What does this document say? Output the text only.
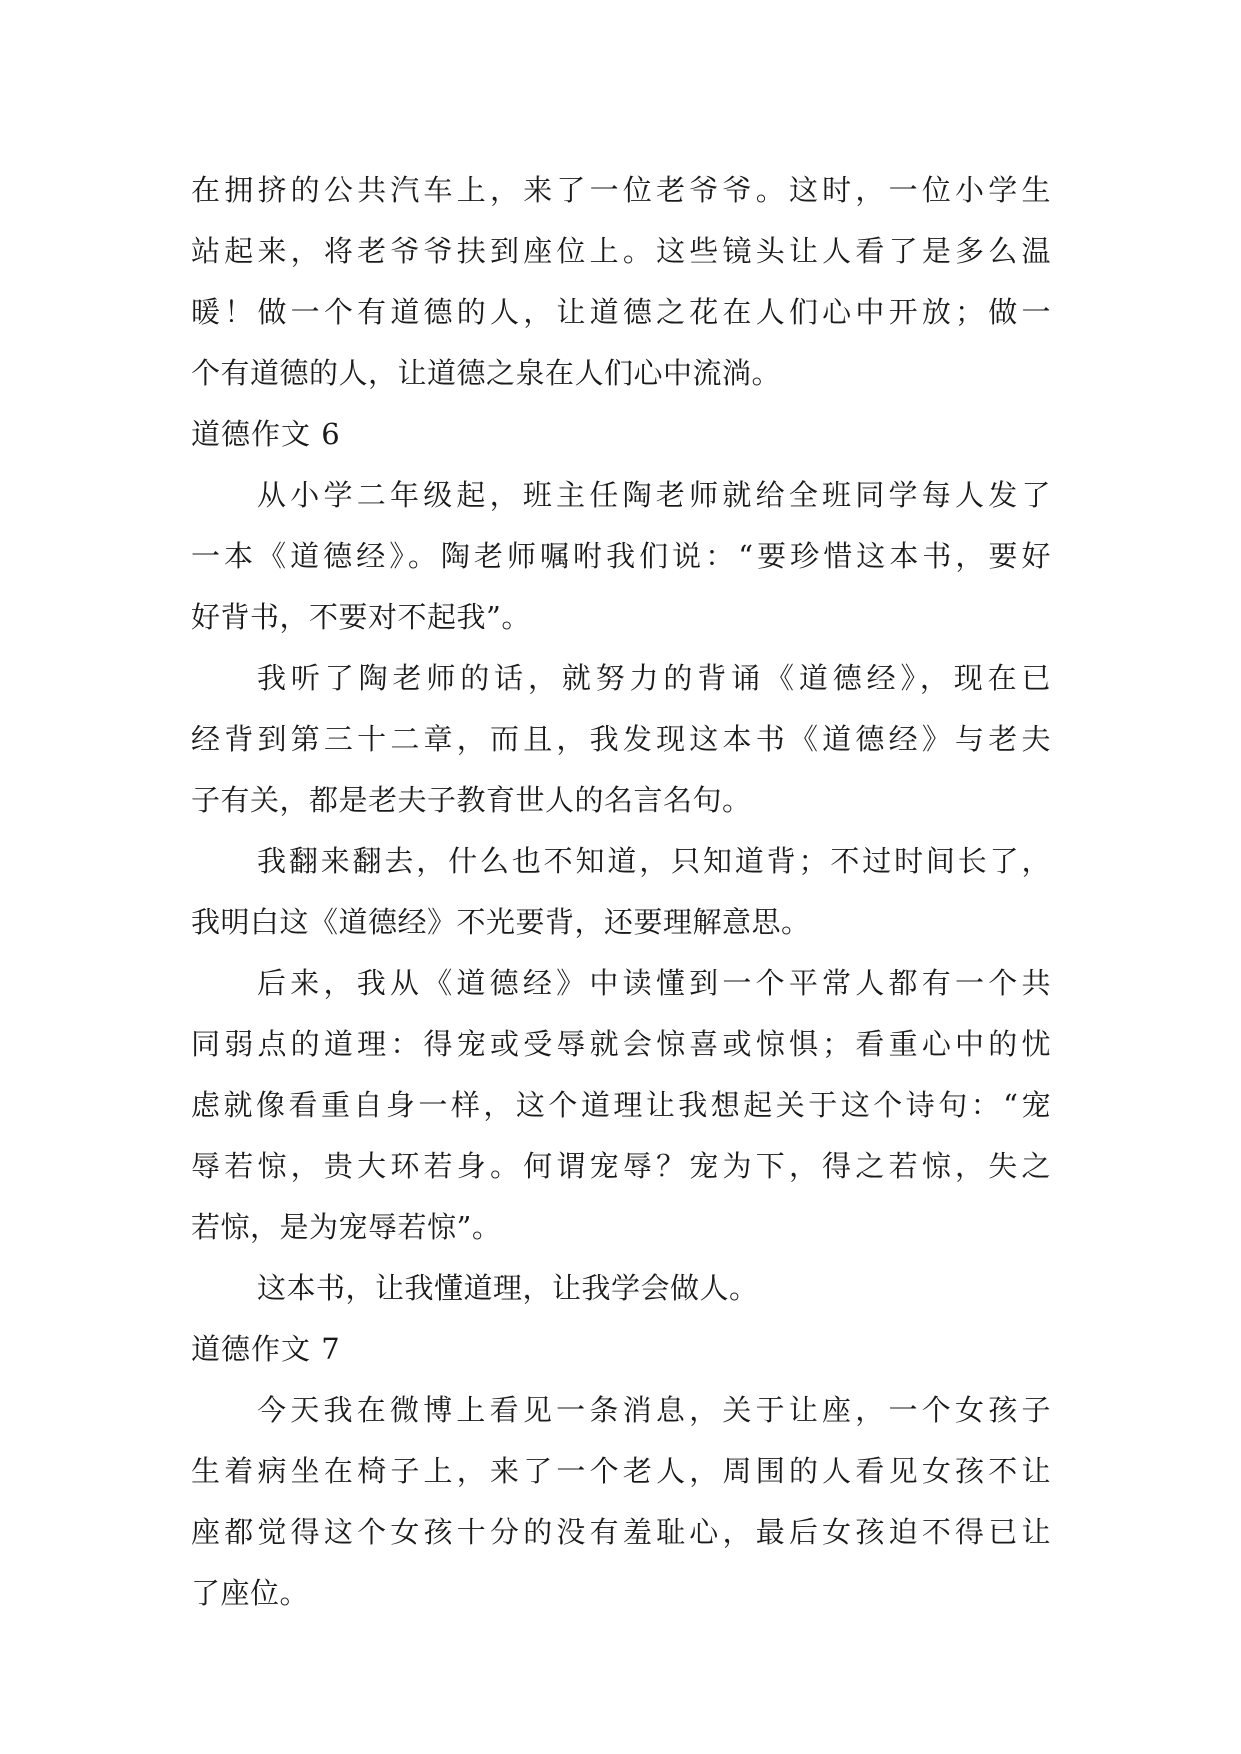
在拥挤的公共汽车上，来了一位老爷爷。这时，一位小学生
站起来，将老爷爷扶到座位上。这些镜头让人看了是多么温
暖！做一个有道德的人，让道德之花在人们心中开放；做一
个有道德的人，让道德之泉在人们心中流淌。
道德作文 6
从小学二年级起，班主任陶老师就给全班同学每人发了
一本《道德经》。陶老师嘱咐我们说：“要珍惜这本书，要好
好背书，不要对不起我”。
我听了陶老师的话，就努力的背诵《道德经》，现在已
经背到第三十二章，而且，我发现这本书《道德经》与老夫
子有关，都是老夫子教育世人的名言名句。
我翻来翻去，什么也不知道，只知道背；不过时间长了，
我明白这《道德经》不光要背，还要理解意思。
后来，我从《道德经》中读懂到一个平常人都有一个共
同弱点的道理：得宠或受辱就会惊喜或惊惧；看重心中的忧
虑就像看重自身一样，这个道理让我想起关于这个诗句：“宠
辱若惊，贵大环若身。何谓宠辱？宠为下，得之若惊，失之
若惊，是为宠辱若惊”。
这本书，让我懂道理，让我学会做人。
道德作文 7
今天我在微博上看见一条消息，关于让座，一个女孩子
生着病坐在椅子上，来了一个老人，周围的人看见女孩不让
座都觉得这个女孩十分的没有羞耻心，最后女孩迫不得已让
了座位。
